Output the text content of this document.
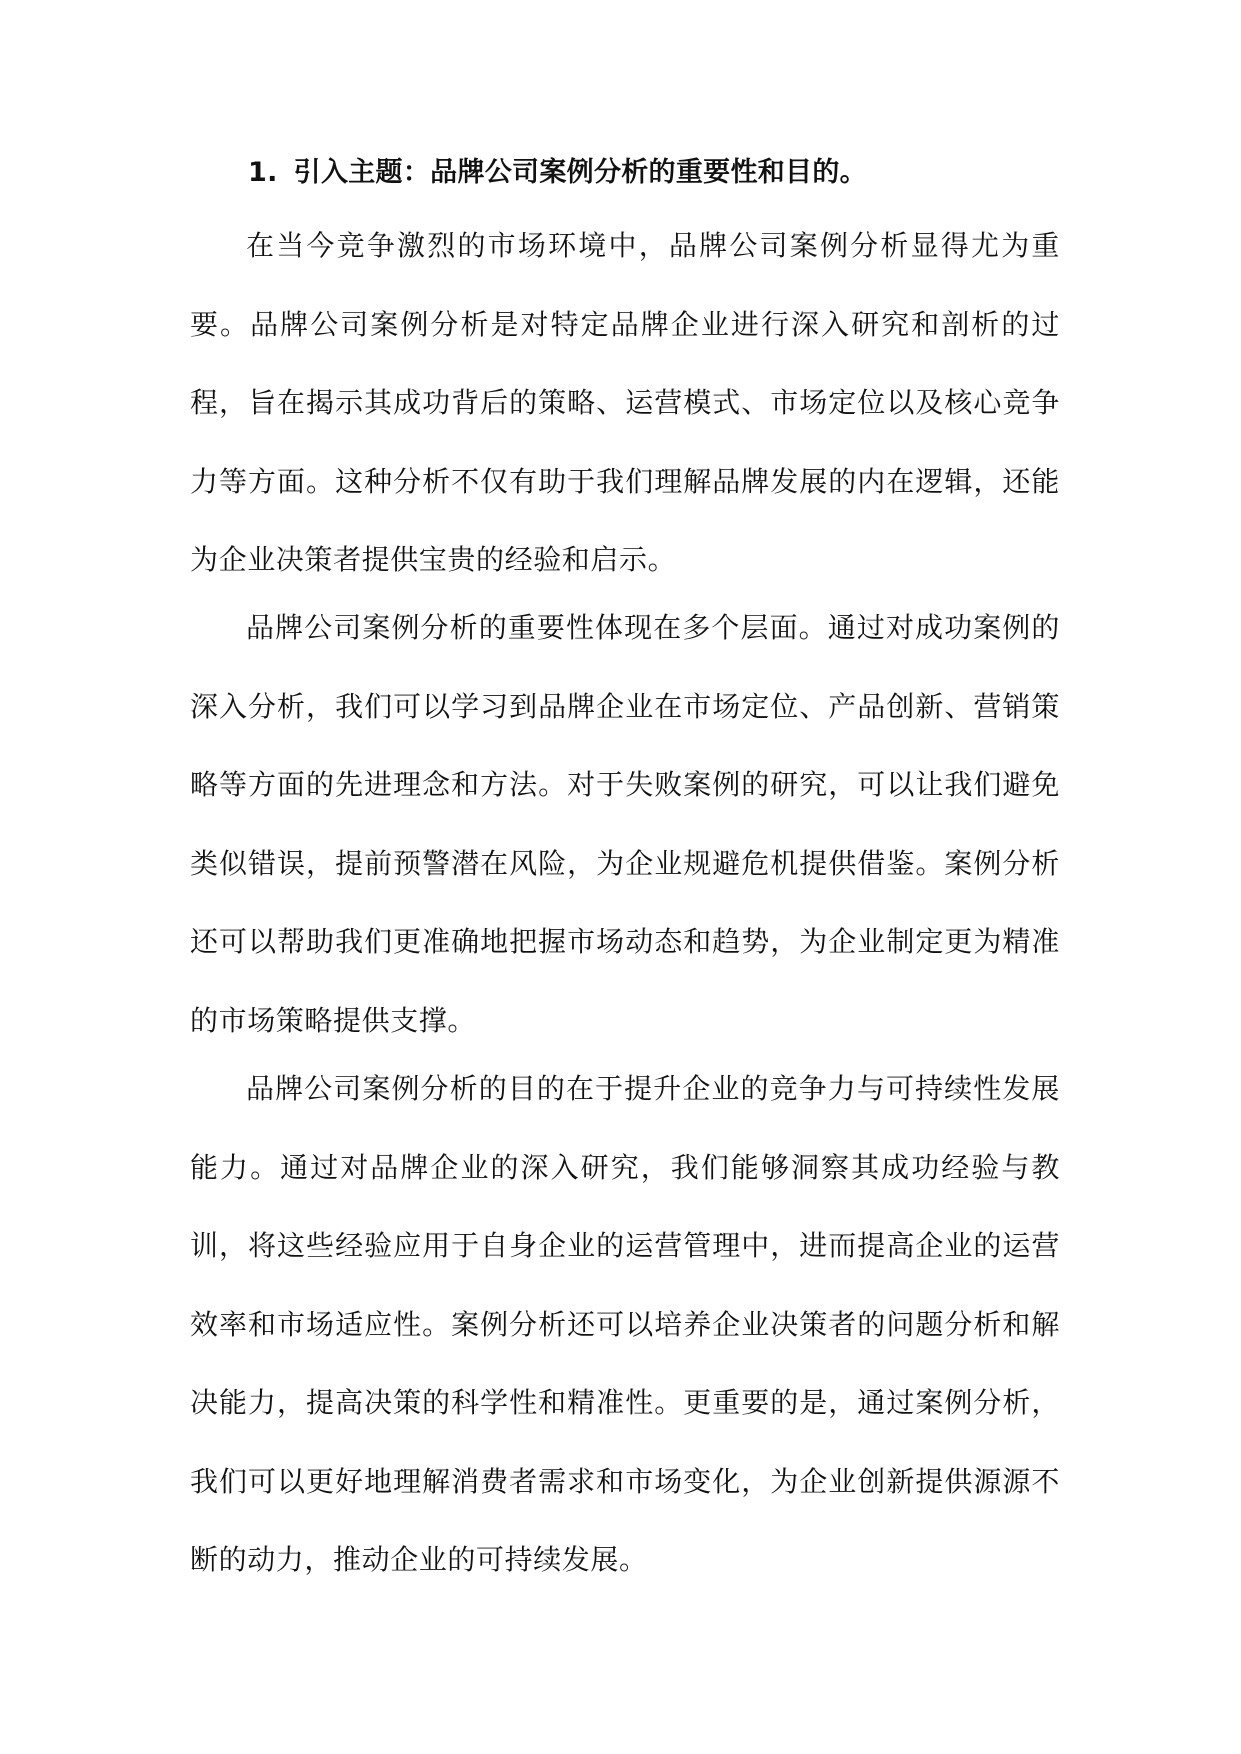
1. 引入主题：品牌公司案例分析的重要性和目的。

在当今竞争激烈的市场环境中，品牌公司案例分析显得尤为重要。品牌公司案例分析是对特定品牌企业进行深入研究和剖析的过程，旨在揭示其成功背后的策略、运营模式、市场定位以及核心竞争力等方面。这种分析不仅有助于我们理解品牌发展的内在逻辑，还能为企业决策者提供宝贵的经验和启示。

品牌公司案例分析的重要性体现在多个层面。通过对成功案例的深入分析，我们可以学习到品牌企业在市场定位、产品创新、营销策略等方面的先进理念和方法。对于失败案例的研究，可以让我们避免类似错误，提前预警潜在风险，为企业规避危机提供借鉴。案例分析还可以帮助我们更准确地把握市场动态和趋势，为企业制定更为精准的市场策略提供支撑。

品牌公司案例分析的目的在于提升企业的竞争力与可持续性发展能力。通过对品牌企业的深入研究，我们能够洞察其成功经验与教训，将这些经验应用于自身企业的运营管理中，进而提高企业的运营效率和市场适应性。案例分析还可以培养企业决策者的问题分析和解决能力，提高决策的科学性和精准性。更重要的是，通过案例分析，我们可以更好地理解消费者需求和市场变化，为企业创新提供源源不断的动力，推动企业的可持续发展。
